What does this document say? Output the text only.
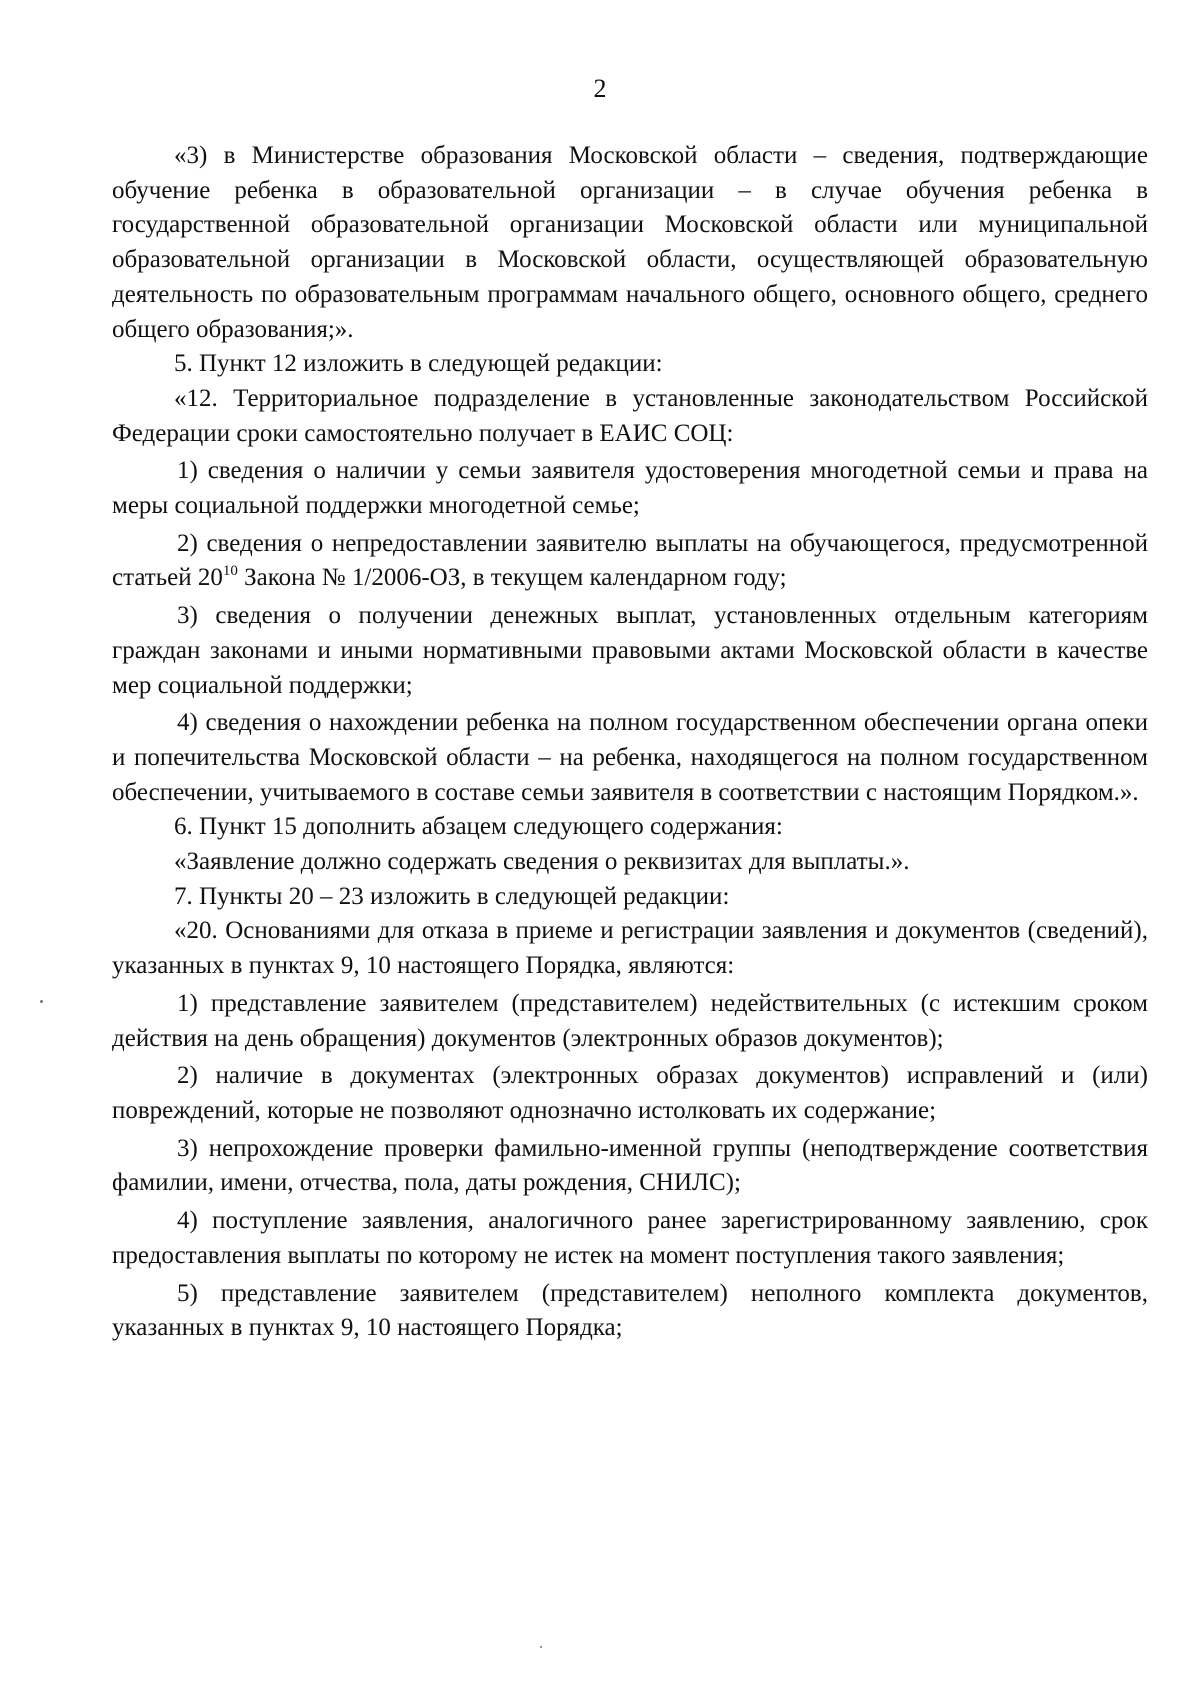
2

«3) в Министерстве образования Московской области – сведения, подтверждающие обучение ребенка в образовательной организации – в случае обучения ребенка в государственной образовательной организации Московской области или муниципальной образовательной организации в Московской области, осуществляющей образовательную деятельность по образовательным программам начального общего, основного общего, среднего общего образования;».

5. Пункт 12 изложить в следующей редакции:

«12. Территориальное подразделение в установленные законодательством Российской Федерации сроки самостоятельно получает в ЕАИС СОЦ:

1) сведения о наличии у семьи заявителя удостоверения многодетной семьи и права на меры социальной поддержки многодетной семье;

2) сведения о непредоставлении заявителю выплаты на обучающегося, предусмотренной статьей $20^{10}$ Закона № 1/2006-ОЗ, в текущем календарном году;

3) сведения о получении денежных выплат, установленных отдельным категориям граждан законами и иными нормативными правовыми актами Московской области в качестве мер социальной поддержки;

4) сведения о нахождении ребенка на полном государственном обеспечении органа опеки и попечительства Московской области – на ребенка, находящегося на полном государственном обеспечении, учитываемого в составе семьи заявителя в соответствии с настоящим Порядком.».

6. Пункт 15 дополнить абзацем следующего содержания:

«Заявление должно содержать сведения о реквизитах для выплаты.».

7. Пункты 20 – 23 изложить в следующей редакции:

«20. Основаниями для отказа в приеме и регистрации заявления и документов (сведений), указанных в пунктах 9, 10 настоящего Порядка, являются:

1) представление заявителем (представителем) недействительных (с истекшим сроком действия на день обращения) документов (электронных образов документов);

2) наличие в документах (электронных образах документов) исправлений и (или) повреждений, которые не позволяют однозначно истолковать их содержание;

3) непрохождение проверки фамильно-именной группы (неподтверждение соответствия фамилии, имени, отчества, пола, даты рождения, СНИЛС);

4) поступление заявления, аналогичного ранее зарегистрированному заявлению, срок предоставления выплаты по которому не истек на момент поступления такого заявления;

5) представление заявителем (представителем) неполного комплекта документов, указанных в пунктах 9, 10 настоящего Порядка;
